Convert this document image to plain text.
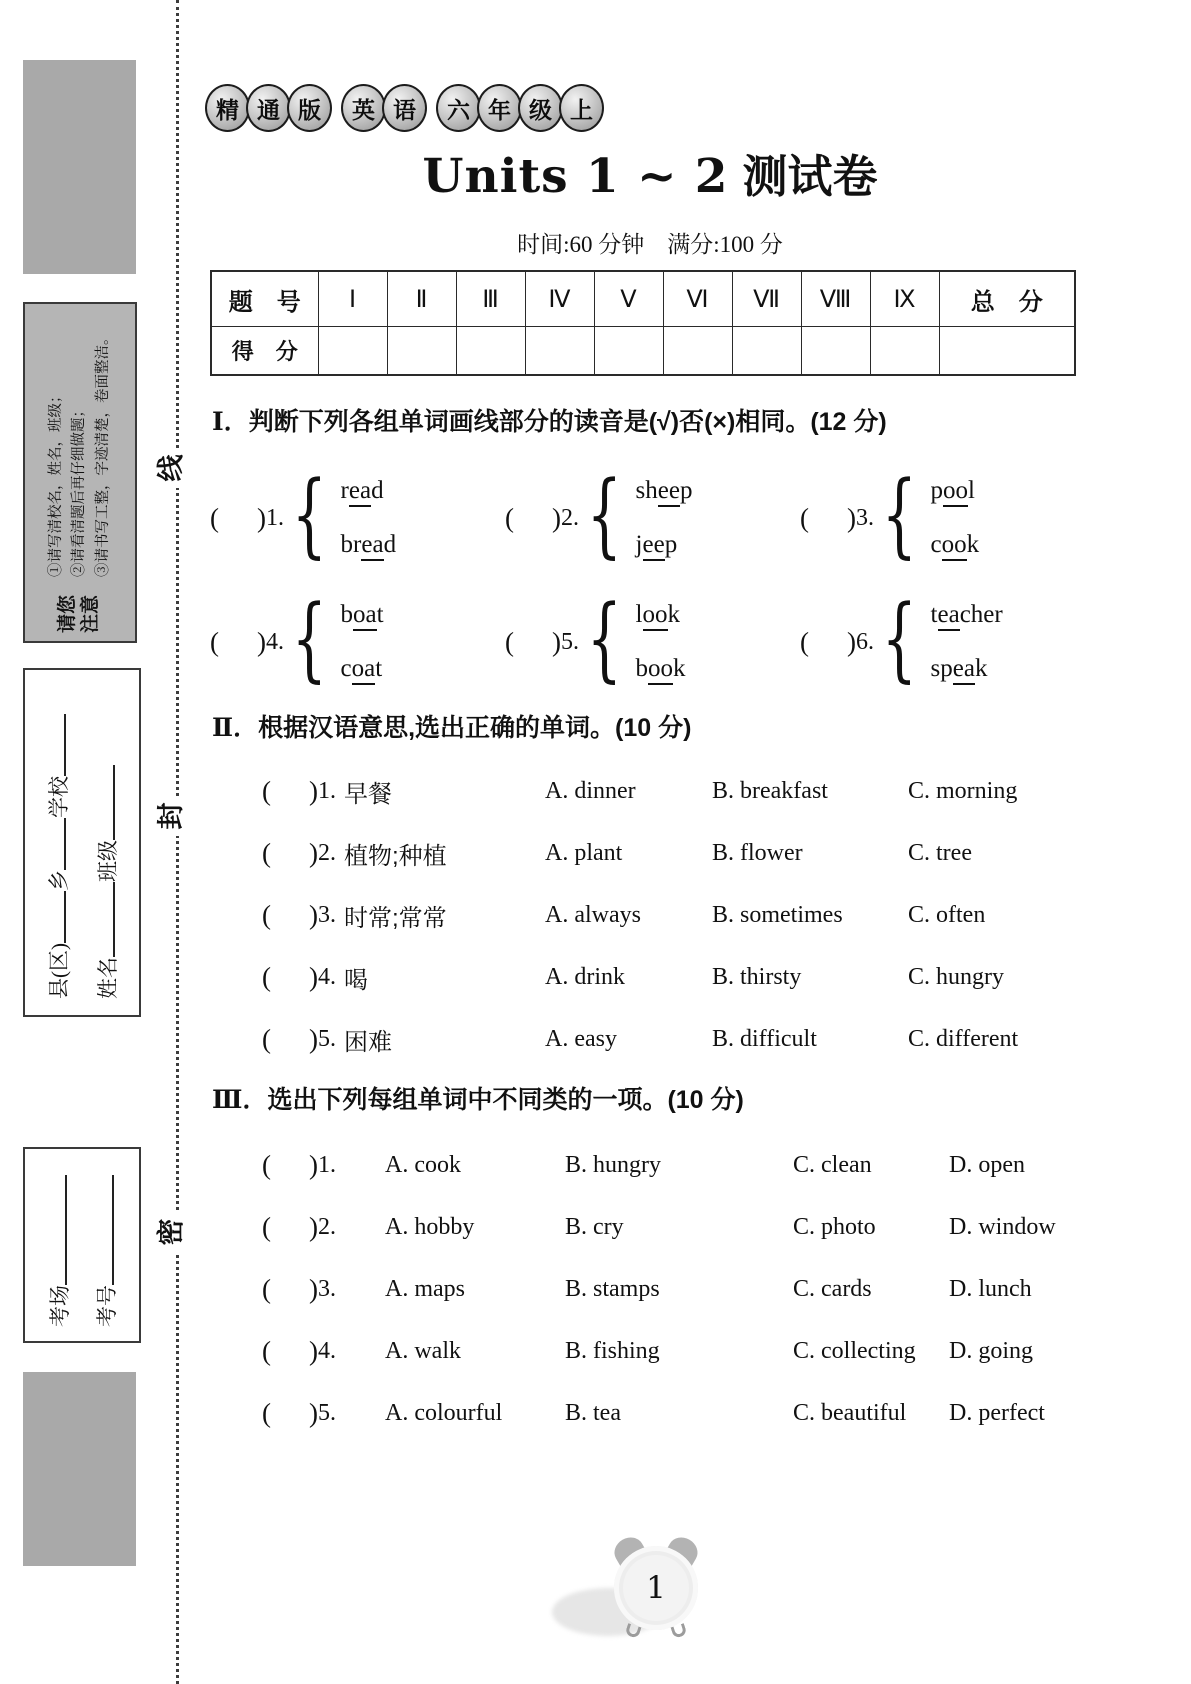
请您注意
①请写清校名，姓名，班级； ②请看清题后再仔细做题； ③请书写工整，字迹清楚，卷面整洁。
县(区)乡学校
姓名班级
考场 考号
线
封
密
精 通 版	英 语	六 年 级 上
Units 1 ~ 2 测试卷
时间:60 分钟　满分:100 分
题　号	Ⅰ	Ⅱ	Ⅲ	Ⅳ	Ⅴ	Ⅵ	Ⅶ	Ⅷ	Ⅸ	总　分
得　分										
Ⅰ．判断下列各组单词画线部分的读音是(√)否(×)相同。(12 分)
( ) 1. { read
bread
( ) 2. { sheep
jeep
( ) 3. { pool
cook
( ) 4. { boat
coat
( ) 5. { look
book
( ) 6. { teacher
speak
Ⅱ．根据汉语意思,选出正确的单词。(10 分)
( ) 1. 早餐	A. dinner	B. breakfast	C. morning
( ) 2. 植物;种植	A. plant	B. flower	C. tree
( ) 3. 时常;常常	A. always	B. sometimes	C. often
( ) 4. 喝	A. drink	B. thirsty	C. hungry
( ) 5. 困难	A. easy	B. difficult	C. different
Ⅲ．选出下列每组单词中不同类的一项。(10 分)
( ) 1. A. cook	B. hungry	C. clean	D. open
( ) 2. A. hobby	B. cry	C. photo	D. window
( ) 3. A. maps	B. stamps	C. cards	D. lunch
( ) 4. A. walk	B. fishing	C. collecting	D. going
( ) 5. A. colourful	B. tea	C. beautiful	D. perfect
1
